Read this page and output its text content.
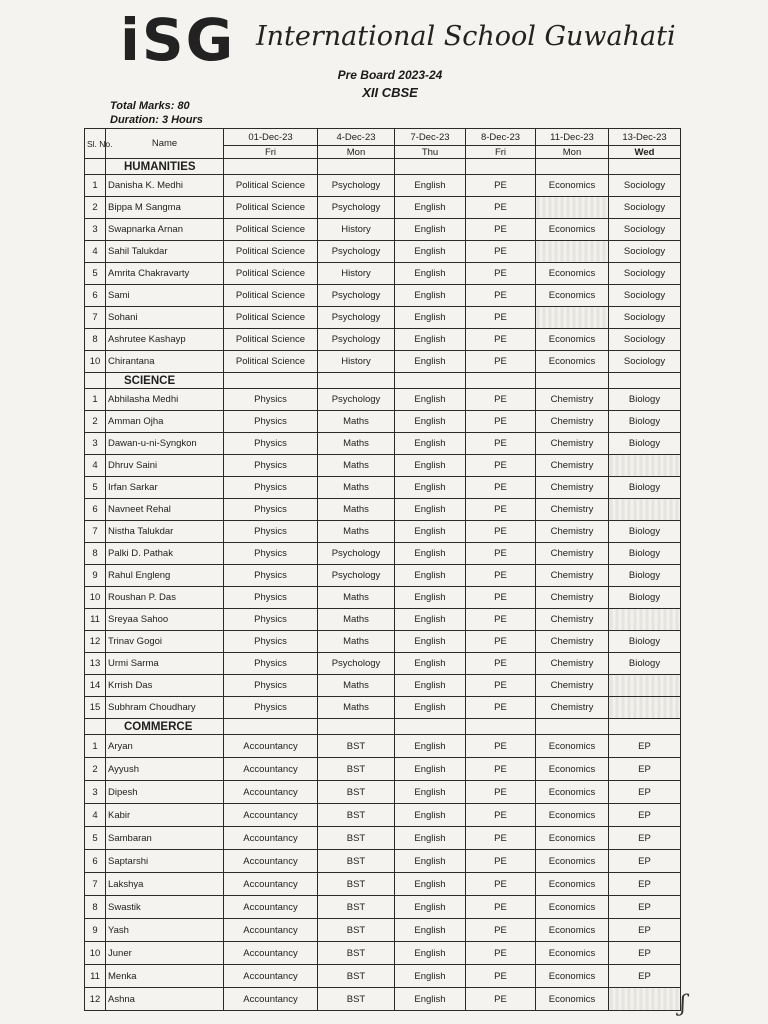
iSG International School Guwahati
Pre Board 2023-24
XII CBSE
Total Marks: 80
Duration: 3 Hours
Sl. No.	Name	01-Dec-23	4-Dec-23	7-Dec-23	8-Dec-23	11-Dec-23	13-Dec-23
		Fri	Mon	Thu	Fri	Mon	Wed
	HUMANITIES						
1	Danisha K. Medhi	Political Science	Psychology	English	PE	Economics	Sociology
2	Bippa M Sangma	Political Science	Psychology	English	PE		Sociology
3	Swapnarka Arnan	Political Science	History	English	PE	Economics	Sociology
4	Sahil Talukdar	Political Science	Psychology	English	PE		Sociology
5	Amrita Chakravarty	Political Science	History	English	PE	Economics	Sociology
6	Sami	Political Science	Psychology	English	PE	Economics	Sociology
7	Sohani	Political Science	Psychology	English	PE		Sociology
8	Ashrutee Kashayp	Political Science	Psychology	English	PE	Economics	Sociology
10	Chirantana	Political Science	History	English	PE	Economics	Sociology
	SCIENCE						
1	Abhilasha Medhi	Physics	Psychology	English	PE	Chemistry	Biology
2	Amman Ojha	Physics	Maths	English	PE	Chemistry	Biology
3	Dawan-u-ni-Syngkon	Physics	Maths	English	PE	Chemistry	Biology
4	Dhruv Saini	Physics	Maths	English	PE	Chemistry	
5	Irfan Sarkar	Physics	Maths	English	PE	Chemistry	Biology
6	Navneet Rehal	Physics	Maths	English	PE	Chemistry	
7	Nistha Talukdar	Physics	Maths	English	PE	Chemistry	Biology
8	Palki D. Pathak	Physics	Psychology	English	PE	Chemistry	Biology
9	Rahul Engleng	Physics	Psychology	English	PE	Chemistry	Biology
10	Roushan P. Das	Physics	Maths	English	PE	Chemistry	Biology
11	Sreyaa Sahoo	Physics	Maths	English	PE	Chemistry	
12	Trinav Gogoi	Physics	Maths	English	PE	Chemistry	Biology
13	Urmi Sarma	Physics	Psychology	English	PE	Chemistry	Biology
14	Krrish Das	Physics	Maths	English	PE	Chemistry	
15	Subhram Choudhary	Physics	Maths	English	PE	Chemistry	
	COMMERCE						
1	Aryan	Accountancy	BST	English	PE	Economics	EP
2	Ayyush	Accountancy	BST	English	PE	Economics	EP
3	Dipesh	Accountancy	BST	English	PE	Economics	EP
4	Kabir	Accountancy	BST	English	PE	Economics	EP
5	Sambaran	Accountancy	BST	English	PE	Economics	EP
6	Saptarshi	Accountancy	BST	English	PE	Economics	EP
7	Lakshya	Accountancy	BST	English	PE	Economics	EP
8	Swastik	Accountancy	BST	English	PE	Economics	EP
9	Yash	Accountancy	BST	English	PE	Economics	EP
10	Juner	Accountancy	BST	English	PE	Economics	EP
11	Menka	Accountancy	BST	English	PE	Economics	EP
12	Ashna	Accountancy	BST	English	PE	Economics		ʃ
